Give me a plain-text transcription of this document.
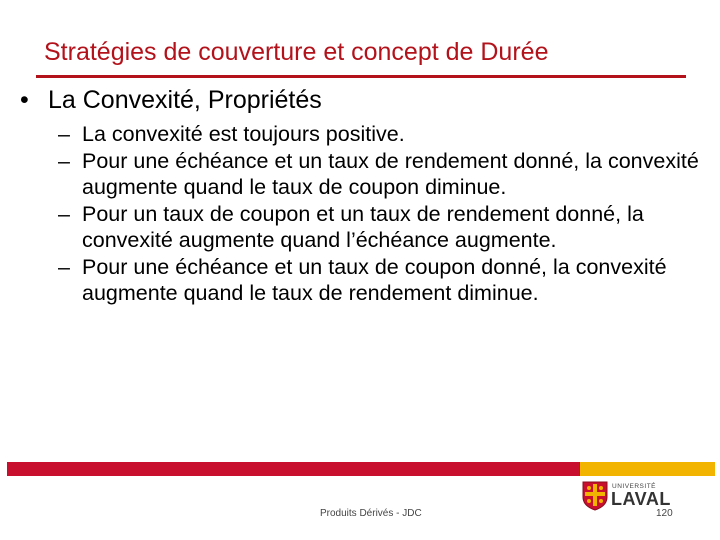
Stratégies de couverture et concept de Durée
• La Convexité, Propriétés
– La convexité est toujours positive.
– Pour une échéance et un taux de rendement donné, la convexité augmente quand le taux de coupon diminue.
– Pour un taux de coupon et un taux de rendement donné, la convexité augmente quand l’échéance augmente.
– Pour une échéance et un taux de coupon donné, la convexité augmente quand le taux de rendement diminue.
UNIVERSITÉ
LAVAL
Produits Dérivés - JDC	120
